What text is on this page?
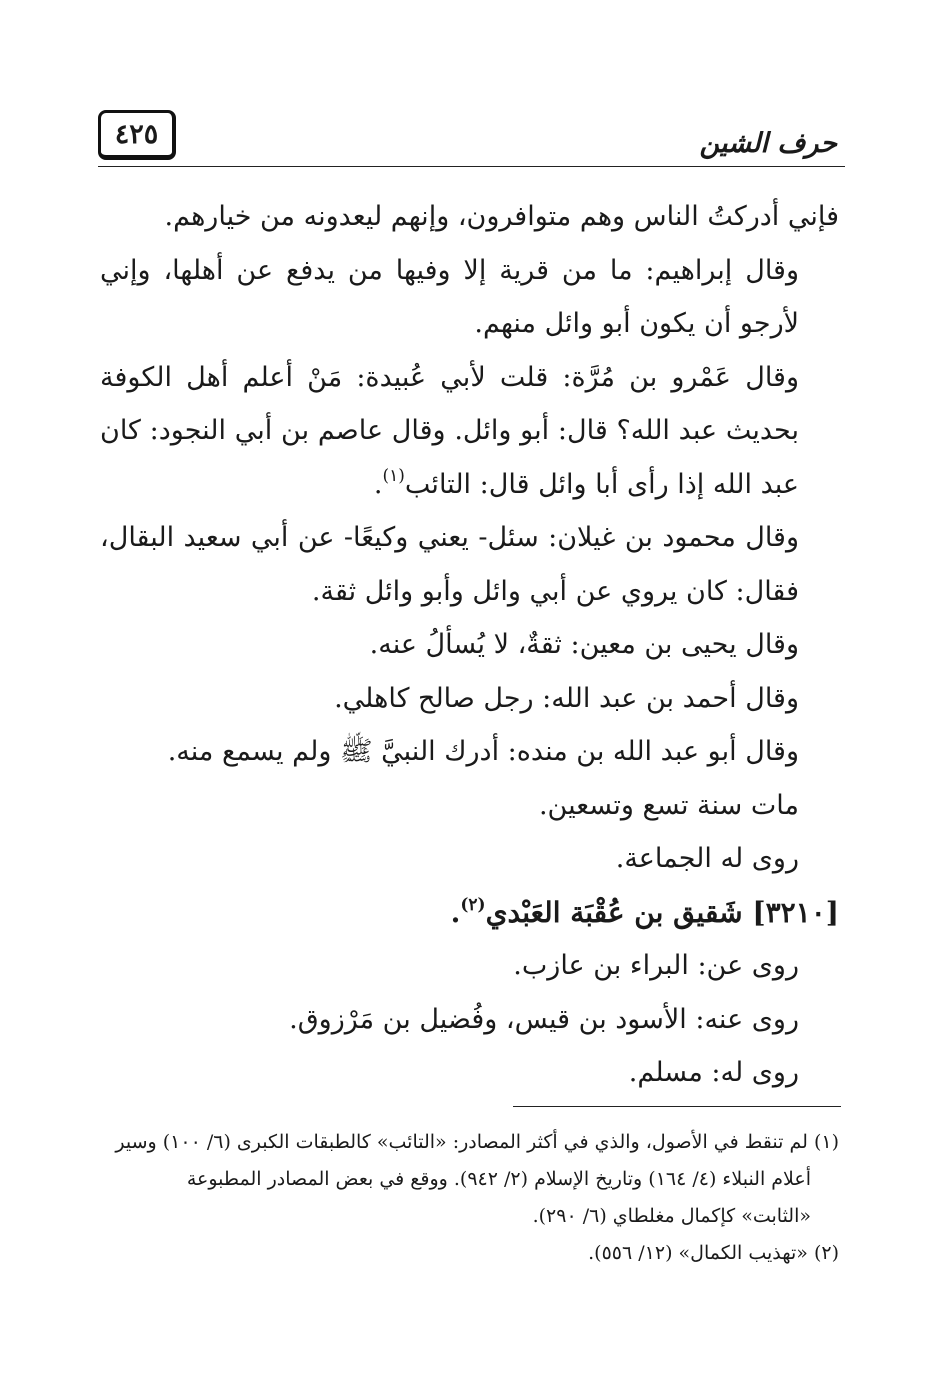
حرف الشين
٤٢٥

فإني أدركتُ الناس وهم متوافرون، وإنهم ليعدونه من خيارهم.

وقال إبراهيم: ما من قرية إلا وفيها من يدفع عن أهلها، وإني لأرجو أن يكون أبو وائل منهم.

وقال عَمْرو بن مُرَّة: قلت لأبي عُبيدة: مَنْ أعلم أهل الكوفة بحديث عبد الله؟ قال: أبو وائل. وقال عاصم بن أبي النجود: كان عبد الله إذا رأى أبا وائل قال: التائب$^{(١)}$.

وقال محمود بن غيلان: سئل- يعني وكيعًا- عن أبي سعيد البقال، فقال: كان يروي عن أبي وائل وأبو وائل ثقة.

وقال يحيى بن معين: ثقةٌ، لا يُسألُ عنه.

وقال أحمد بن عبد الله: رجل صالح كاهلي.

وقال أبو عبد الله بن منده: أدرك النبيَّ ﷺ ولم يسمع منه.

مات سنة تسع وتسعين.

روى له الجماعة.

[٣٢١٠] شَقيق بن عُقْبَة العَبْدي$^{(٢)}$.

روى عن: البراء بن عازب.

روى عنه: الأسود بن قيس، وفُضيل بن مَرْزوق.

روى له: مسلم.

(١) لم تنقط في الأصول، والذي في أكثر المصادر: «التائب» كالطبقات الكبرى (٦/ ١٠٠) وسير

أعلام النبلاء (٤/ ١٦٤) وتاريخ الإسلام (٢/ ٩٤٢). ووقع في بعض المصادر المطبوعة

«الثابت» كإكمال مغلطاي (٦/ ٢٩٠).

(٢) «تهذيب الكمال» (١٢/ ٥٥٦).
